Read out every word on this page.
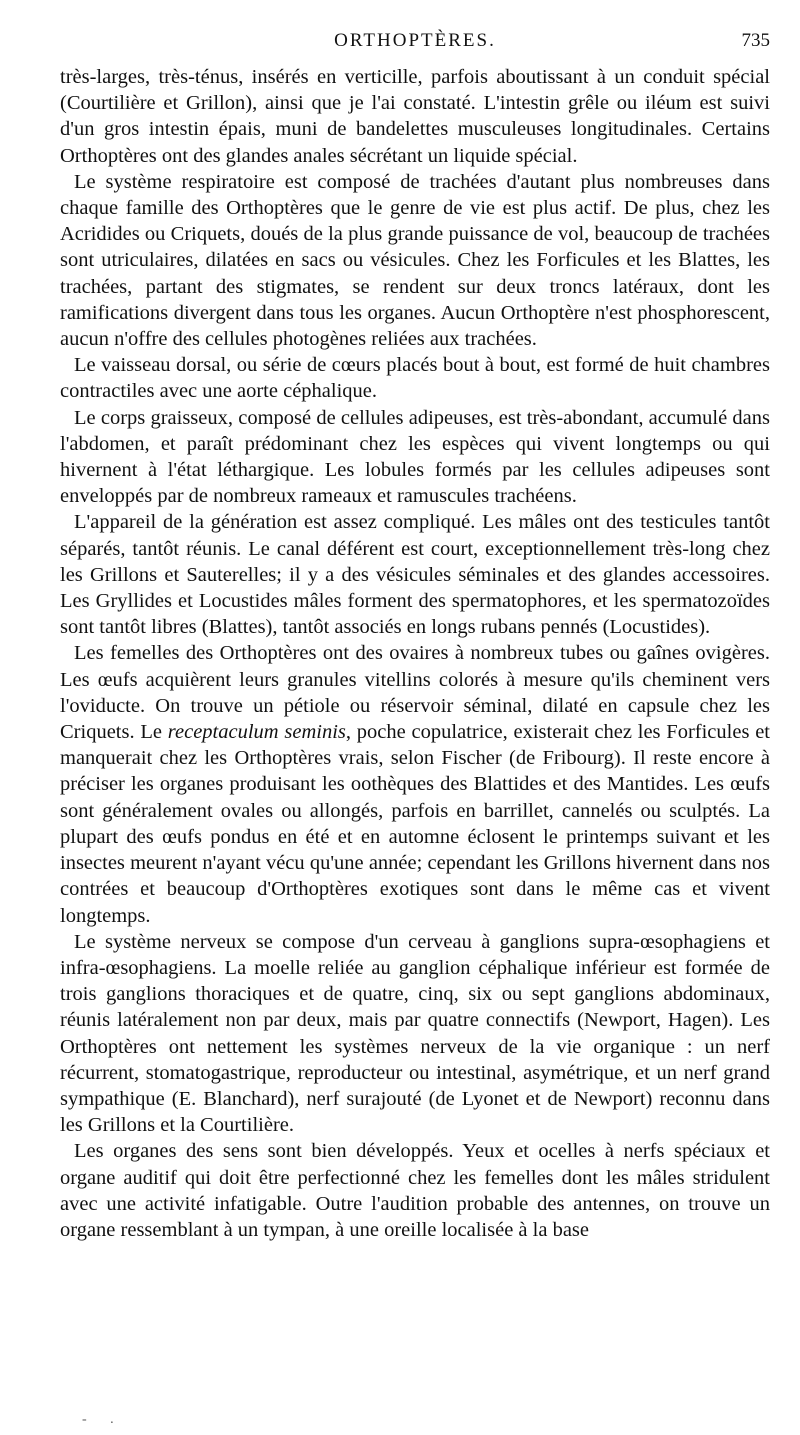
ORTHOPTÈRES.	735

très-larges, très-ténus, insérés en verticille, parfois aboutissant à un conduit spécial (Courtilière et Grillon), ainsi que je l'ai constaté. L'intestin grêle ou iléum est suivi d'un gros intestin épais, muni de bandelettes musculeuses longitudinales. Certains Orthoptères ont des glandes anales sécrétant un liquide spécial.

Le système respiratoire est composé de trachées d'autant plus nombreuses dans chaque famille des Orthoptères que le genre de vie est plus actif. De plus, chez les Acridides ou Criquets, doués de la plus grande puissance de vol, beaucoup de trachées sont utriculaires, dilatées en sacs ou vésicules. Chez les Forficules et les Blattes, les trachées, partant des stigmates, se rendent sur deux troncs latéraux, dont les ramifications divergent dans tous les organes. Aucun Orthoptère n'est phosphorescent, aucun n'offre des cellules photogènes reliées aux trachées.

Le vaisseau dorsal, ou série de cœurs placés bout à bout, est formé de huit chambres contractiles avec une aorte céphalique.

Le corps graisseux, composé de cellules adipeuses, est très-abondant, accumulé dans l'abdomen, et paraît prédominant chez les espèces qui vivent longtemps ou qui hivernent à l'état léthargique. Les lobules formés par les cellules adipeuses sont enveloppés par de nombreux rameaux et ramuscules trachéens.

L'appareil de la génération est assez compliqué. Les mâles ont des testicules tantôt séparés, tantôt réunis. Le canal déférent est court, exceptionnellement très-long chez les Grillons et Sauterelles; il y a des vésicules séminales et des glandes accessoires. Les Gryllides et Locustides mâles forment des spermatophores, et les spermatozoïdes sont tantôt libres (Blattes), tantôt associés en longs rubans pennés (Locustides).

Les femelles des Orthoptères ont des ovaires à nombreux tubes ou gaînes ovigères. Les œufs acquièrent leurs granules vitellins colorés à mesure qu'ils cheminent vers l'oviducte. On trouve un pétiole ou réservoir séminal, dilaté en capsule chez les Criquets. Le receptaculum seminis, poche copulatrice, existerait chez les Forficules et manquerait chez les Orthoptères vrais, selon Fischer (de Fribourg). Il reste encore à préciser les organes produisant les oothèques des Blattides et des Mantides. Les œufs sont généralement ovales ou allongés, parfois en barrillet, cannelés ou sculptés. La plupart des œufs pondus en été et en automne éclosent le printemps suivant et les insectes meurent n'ayant vécu qu'une année; cependant les Grillons hivernent dans nos contrées et beaucoup d'Orthoptères exotiques sont dans le même cas et vivent longtemps.

Le système nerveux se compose d'un cerveau à ganglions supra-œsophagiens et infra-œsophagiens. La moelle reliée au ganglion céphalique inférieur est formée de trois ganglions thoraciques et de quatre, cinq, six ou sept ganglions abdominaux, réunis latéralement non par deux, mais par quatre connectifs (Newport, Hagen). Les Orthoptères ont nettement les systèmes nerveux de la vie organique : un nerf récurrent, stomatogastrique, reproducteur ou intestinal, asymétrique, et un nerf grand sympathique (E. Blanchard), nerf surajouté (de Lyonet et de Newport) reconnu dans les Grillons et la Courtilière.

Les organes des sens sont bien développés. Yeux et ocelles à nerfs spéciaux et organe auditif qui doit être perfectionné chez les femelles dont les mâles stridulent avec une activité infatigable. Outre l'audition probable des antennes, on trouve un organe ressemblant à un tympan, à une oreille localisée à la base

- .
